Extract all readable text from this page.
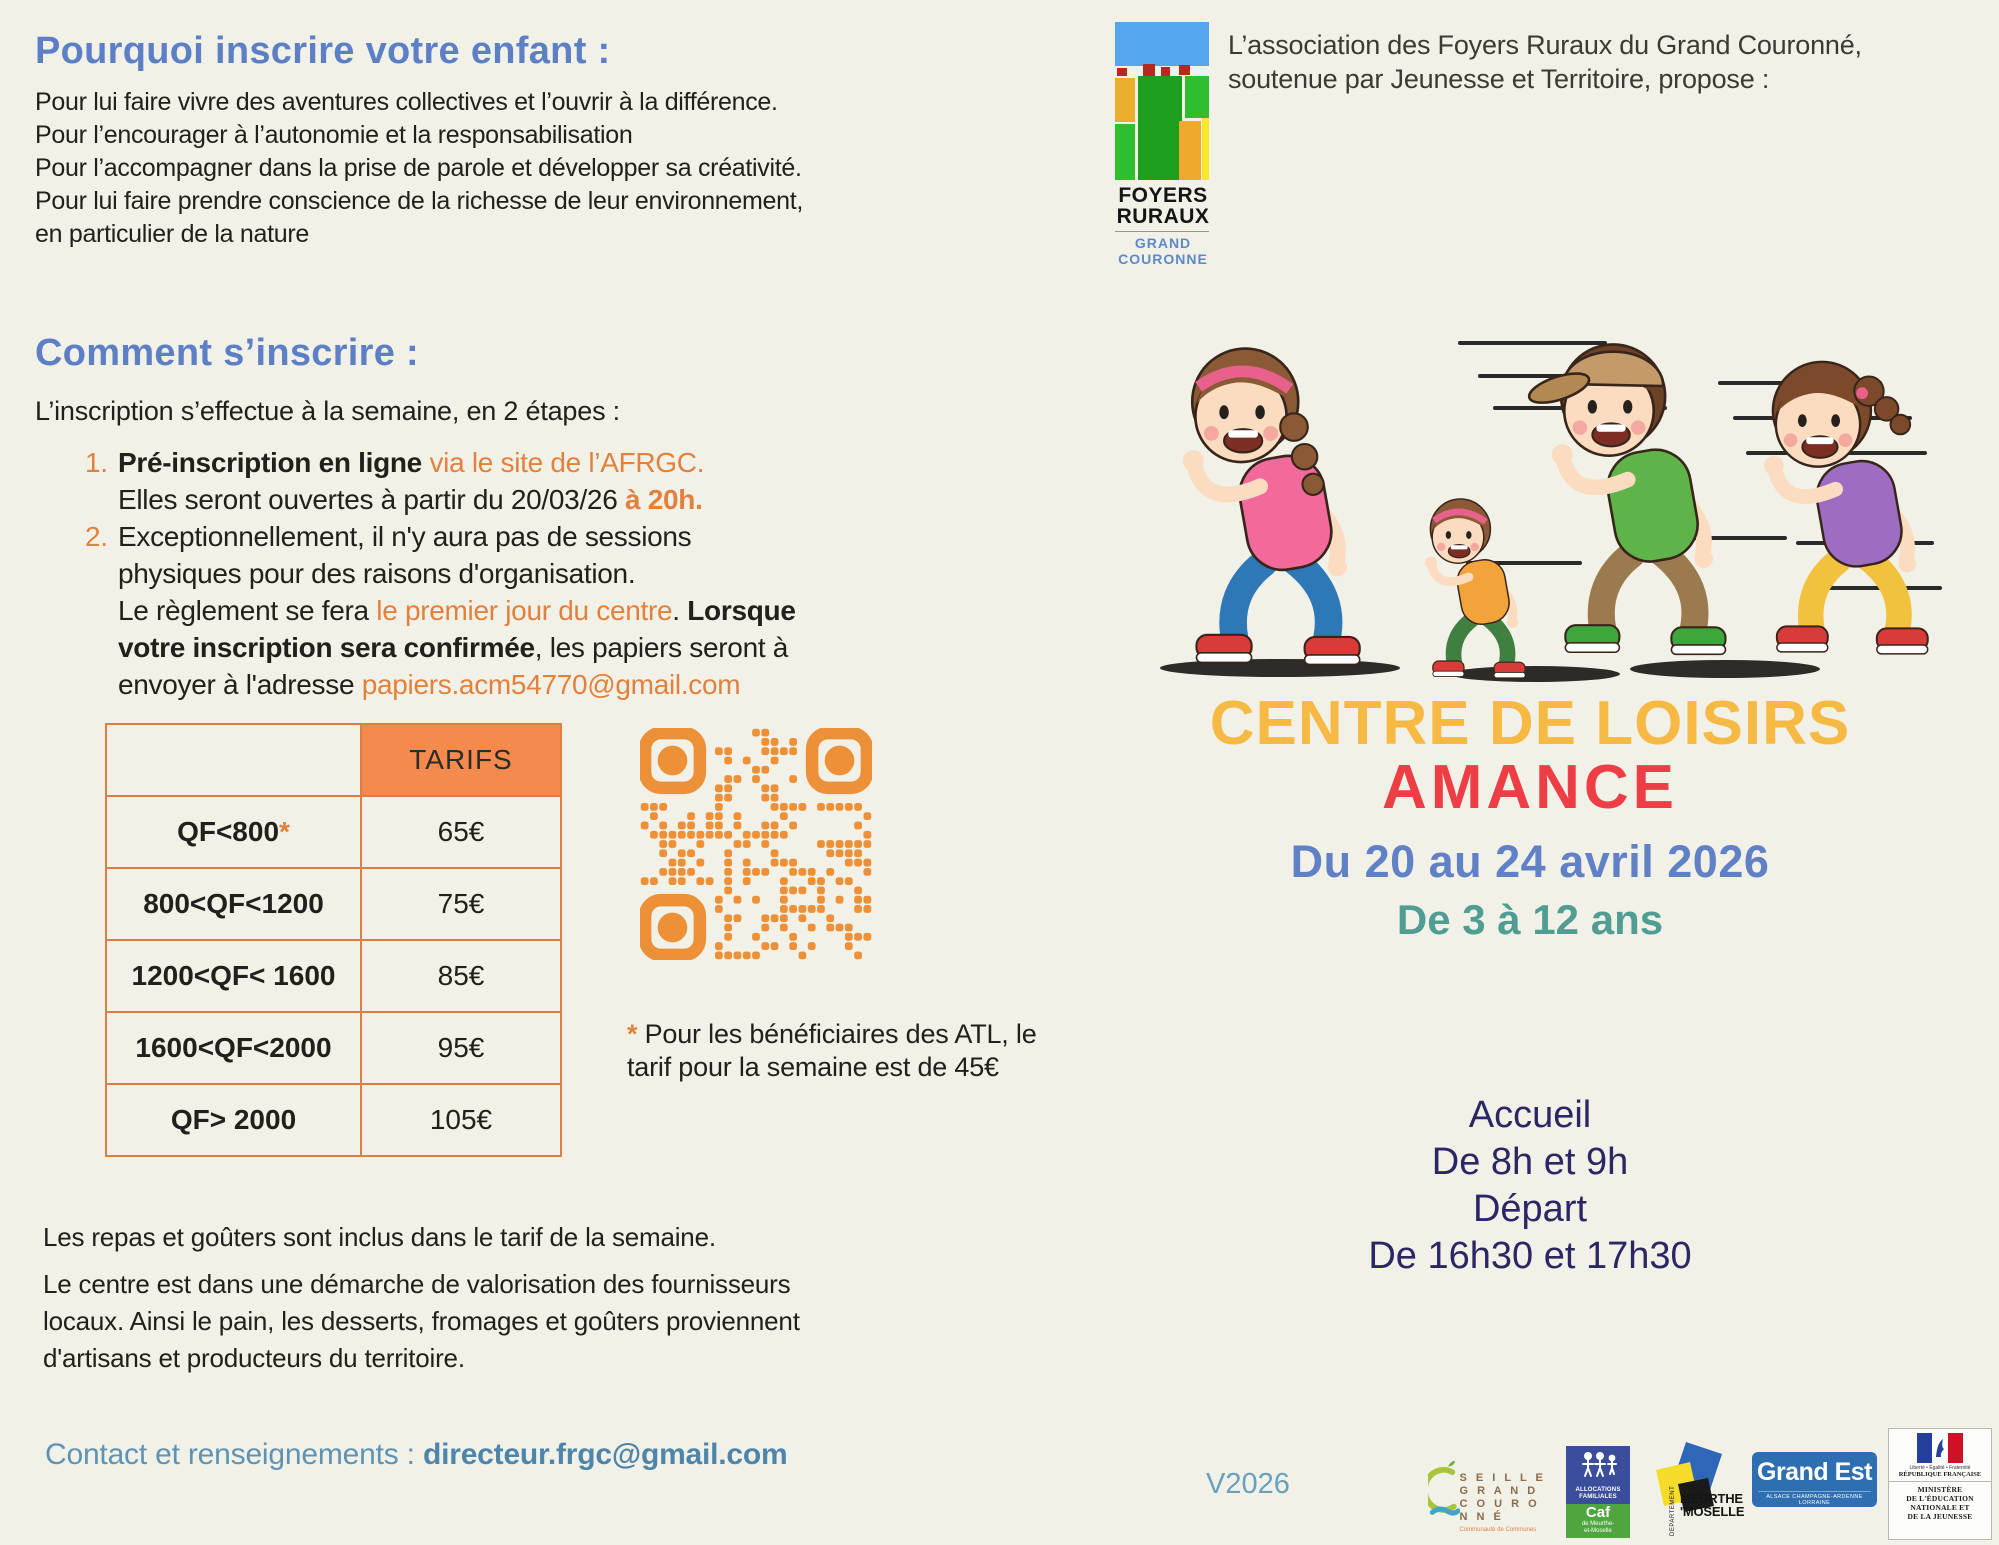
Pourquoi inscrire votre enfant :
Pour lui faire vivre des aventures collectives et l’ouvrir à la différence.
Pour l’encourager à l’autonomie et la responsabilisation
Pour l’accompagner dans la prise de parole et développer sa créativité.
Pour lui faire prendre conscience de la richesse de leur environnement,
en particulier de la nature
Comment s’inscrire :
L’inscription s’effectue à la semaine, en 2 étapes :
1. Pré-inscription en ligne via le site de l’AFRGC.
Elles seront ouvertes à partir du 20/03/26 à 20h.
2. Exceptionnellement, il n'y aura pas de sessions
physiques pour des raisons d'organisation.
Le règlement se fera le premier jour du centre. Lorsque
votre inscription sera confirmée, les papiers seront à
envoyer à l'adresse papiers.acm54770@gmail.com
	TARIFS
QF<800*	65€
800<QF<1200	75€
1200<QF< 1600	85€
1600<QF<2000	95€
QF> 2000	105€
* Pour les bénéficiaires des ATL, le
tarif pour la semaine est de 45€
Les repas et goûters sont inclus dans le tarif de la semaine.
Le centre est dans une démarche de valorisation des fournisseurs
locaux. Ainsi le pain, les desserts, fromages et goûters proviennent
d'artisans et producteurs du territoire.
Contact et renseignements : directeur.frgc@gmail.com
FOYERS
RURAUX
GRAND
COURONNE
L’association des Foyers Ruraux du Grand Couronné,
soutenue par Jeunesse et Territoire, propose :
CENTRE DE LOISIRS
AMANCE
Du 20 au 24 avril 2026
De 3 à 12 ans
Accueil
De 8h et 9h
Départ
De 16h30 et 17h30
V2026	S E I L L E
G R A N D
C O U R O N N É
Communauté de Communes
ALLOCATIONS FAMILIALES
Caf
de Meurthe-
et-Moselle	DÉPARTEMENT MEURTHE
'MOSELLE
Grand Est
ALSACE CHAMPAGNE-ARDENNE LORRAINE
Liberté • Égalité • Fraternité
RÉPUBLIQUE FRANÇAISE
MINISTÈRE
DE L'ÉDUCATION
NATIONALE ET
DE LA JEUNESSE
